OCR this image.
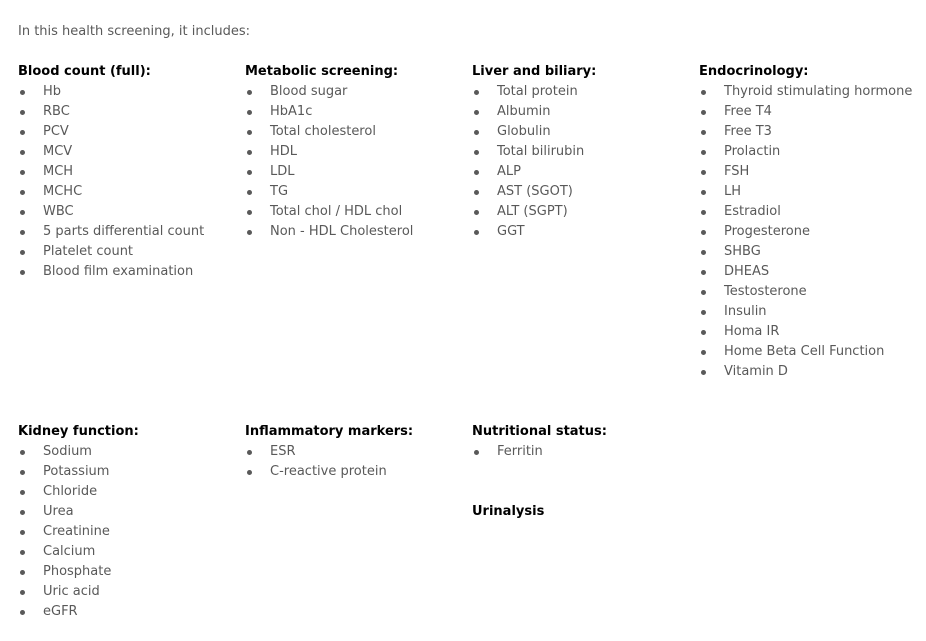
In this health screening, it includes:
Blood count (full):
Hb
RBC
PCV
MCV
MCH
MCHC
WBC
5 parts differential count
Platelet count
Blood film examination
Metabolic screening:
Blood sugar
HbA1c
Total cholesterol
HDL
LDL
TG
Total chol / HDL chol
Non - HDL Cholesterol
Liver and biliary:
Total protein
Albumin
Globulin
Total bilirubin
ALP
AST (SGOT)
ALT (SGPT)
GGT
Endocrinology:
Thyroid stimulating hormone
Free T4
Free T3
Prolactin
FSH
LH
Estradiol
Progesterone
SHBG
DHEAS
Testosterone
Insulin
Homa IR
Home Beta Cell Function
Vitamin D
Kidney function:
Sodium
Potassium
Chloride
Urea
Creatinine
Calcium
Phosphate
Uric acid
eGFR
Inflammatory markers:
ESR
C-reactive protein
Nutritional status:
Ferritin
Urinalysis
